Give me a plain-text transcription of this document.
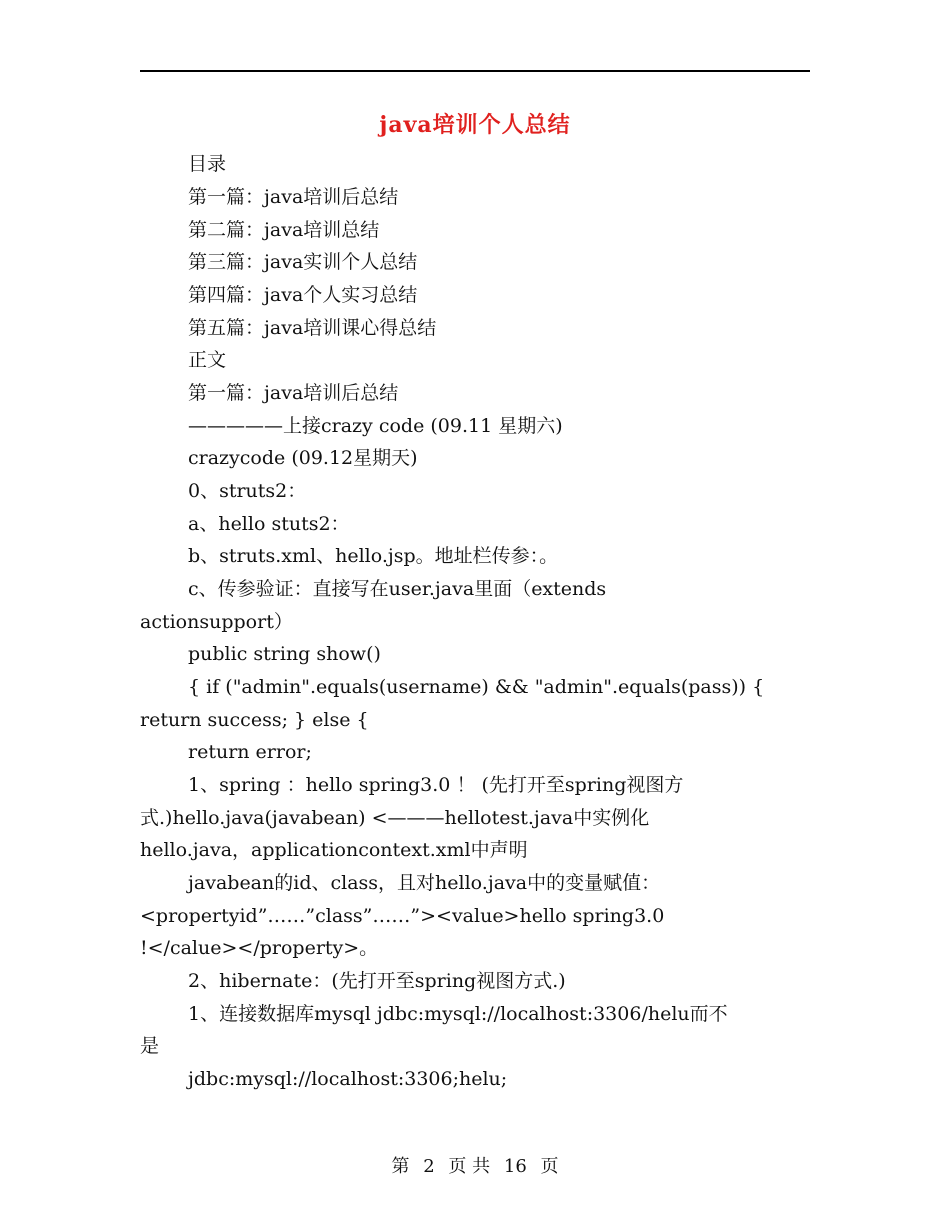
java培训个人总结
目录
第一篇：java培训后总结
第二篇：java培训总结
第三篇：java实训个人总结
第四篇：java个人实习总结
第五篇：java培训课心得总结
正文
第一篇：java培训后总结
—————上接crazy code (09.11 星期六)
crazycode (09.12星期天)
0、struts2：
a、hello stuts2：
b、struts.xml、hello.jsp。地址栏传参：。
c、传参验证：直接写在user.java里面（extends
actionsupport）
public string show()
{ if ("admin".equals(username) && "admin".equals(pass)) {
return success; } else {
return error;
1、spring ：hello spring3.0 ！ (先打开至spring视图方
式.)hello.java(javabean) <———hellotest.java中实例化
hello.java，applicationcontext.xml中声明
javabean的id、class，且对hello.java中的变量赋值：
<propertyid”……”class”……”><value>hello spring3.0
!</calue></property>。
2、hibernate：(先打开至spring视图方式.)
1、连接数据库mysql jdbc:mysql://localhost:3306/helu而不
是
jdbc:mysql://localhost:3306;helu;
第 2 页 共 16 页
